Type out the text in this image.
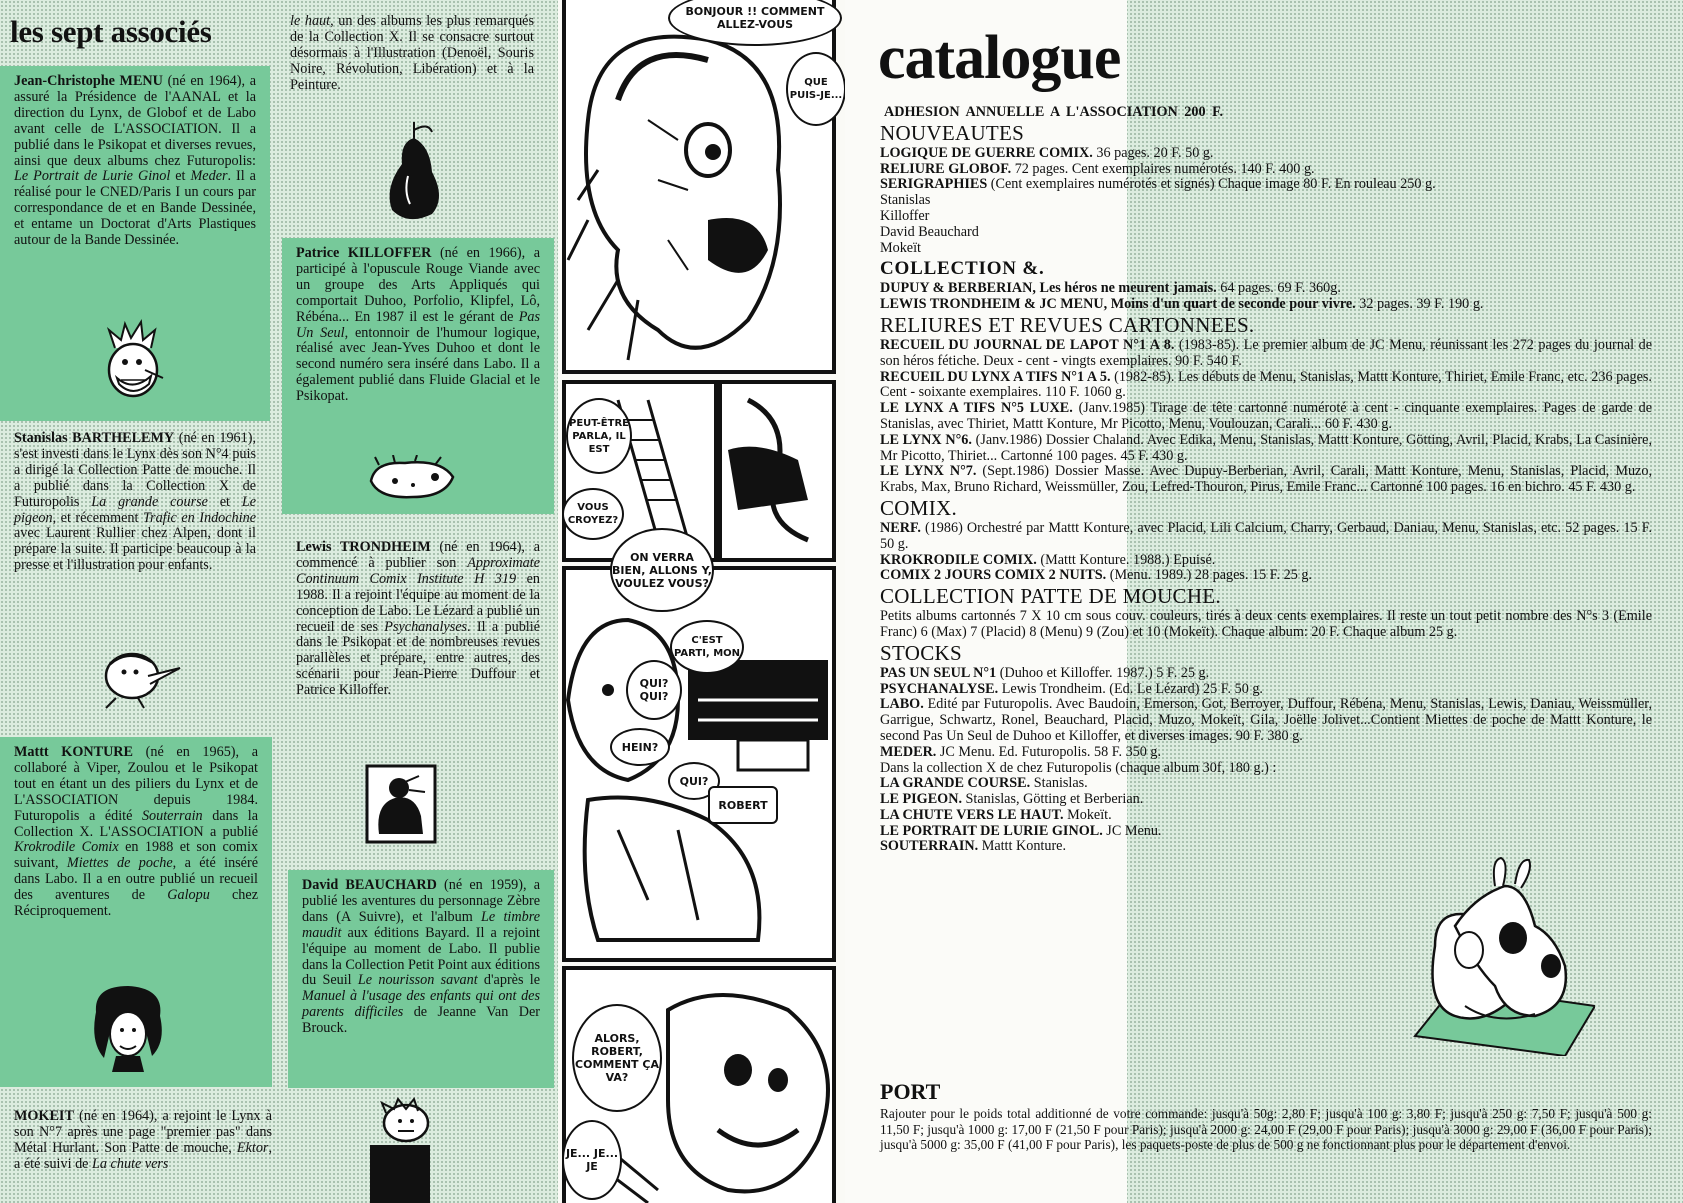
les sept associés

Jean-Christophe MENU (né en 1964), a assuré la Présidence de l'AANAL et la direction du Lynx, de Globof et de Labo avant celle de L'ASSOCIATION. Il a publié dans le Psikopat et diverses revues, ainsi que deux albums chez Futuropolis: Le Portrait de Lurie Ginol et Meder. Il a réalisé pour le CNED/Paris I un cours par correspondance de et en Bande Dessinée, et entame un Doctorat d'Arts Plastiques autour de la Bande Dessinée.

Stanislas BARTHELEMY (né en 1961), s'est investi dans le Lynx dès son N°4 puis a dirigé la Collection Patte de mouche. Il a publié dans la Collection X de Futuropolis La grande course et Le pigeon, et récemment Trafic en Indochine avec Laurent Rullier chez Alpen, dont il prépare la suite. Il participe beaucoup à la presse et l'illustration pour enfants.

Mattt KONTURE (né en 1965), a collaboré à Viper, Zoulou et le Psikopat tout en étant un des piliers du Lynx et de L'ASSOCIATION depuis 1984. Futuropolis a édité Souterrain dans la Collection X. L'ASSOCIATION a publié Krokrodile Comix en 1988 et son comix suivant, Miettes de poche, a été inséré dans Labo. Il a en outre publié un recueil des aventures de Galopu chez Réciproquement.

MOKEIT (né en 1964), a rejoint le Lynx à son N°7 après une page "premier pas" dans Métal Hurlant. Son Patte de mouche, Ektor, a été suivi de La chute vers

le haut, un des albums les plus remarqués de la Collection X. Il se consacre surtout désormais à l'Illustration (Denoël, Souris Noire, Révolution, Libération) et à la Peinture.

Patrice KILLOFFER (né en 1966), a participé à l'opuscule Rouge Viande avec un groupe des Arts Appliqués qui comportait Duhoo, Porfolio, Klipfel, Lô, Rébéna... En 1987 il est le gérant de Pas Un Seul, entonnoir de l'humour logique, réalisé avec Jean-Yves Duhoo et dont le second numéro sera inséré dans Labo. Il a également publié dans Fluide Glacial et le Psikopat.

Lewis TRONDHEIM (né en 1964), a commencé à publier son Approximate Continuum Comix Institute H 319 en 1988. Il a rejoint l'équipe au moment de la conception de Labo. Le Lézard a publié un recueil de ses Psychanalyses. Il a publié dans le Psikopat et de nombreuses revues parallèles et prépare, entre autres, des scénarii pour Jean-Pierre Duffour et Patrice Killoffer.

David BEAUCHARD (né en 1959), a publié les aventures du personnage Zèbre dans (A Suivre), et l'album Le timbre maudit aux éditions Bayard. Il a rejoint l'équipe au moment de Labo. Il publie dans la Collection Petit Point aux éditions du Seuil Le nourisson savant d'après le Manuel à l'usage des enfants qui ont des parents difficiles de Jeanne Van Der Brouck.

BONJOUR !! COMMENT ALLEZ-VOUS
QUE PUIS-JE...
PEUT-ÊTRE PARLA, IL EST
VOUS CROYEZ?
ON VERRA BIEN, ALLONS Y, VOULEZ VOUS?
C'EST PARTI, MON
QUI? QUI?
HEIN?
QUI?
ROBERT
ALORS, ROBERT, COMMENT ÇA VA?
JE... JE... JE
catalogue

ADHESION ANNUELLE A L'ASSOCIATION 200 F.

NOUVEAUTES

LOGIQUE DE GUERRE COMIX. 36 pages. 20 F. 50 g.

RELIURE GLOBOF. 72 pages. Cent exemplaires numérotés. 140 F. 400 g.

SERIGRAPHIES (Cent exemplaires numérotés et signés) Chaque image 80 F. En rouleau 250 g.

Stanislas

Killoffer

David Beauchard

Mokeït

COLLECTION &.

DUPUY & BERBERIAN, Les héros ne meurent jamais. 64 pages. 69 F. 360g.

LEWIS TRONDHEIM & JC MENU, Moins d'un quart de seconde pour vivre. 32 pages. 39 F. 190 g.

RELIURES ET REVUES CARTONNEES.

RECUEIL DU JOURNAL DE LAPOT N°1 A 8. (1983-85). Le premier album de JC Menu, réunissant les 272 pages du journal de son héros fétiche. Deux - cent - vingts exemplaires. 90 F. 540 F.

RECUEIL DU LYNX A TIFS N°1 A 5. (1982-85). Les débuts de Menu, Stanislas, Mattt Konture, Thiriet, Emile Franc, etc. 236 pages. Cent - soixante exemplaires. 110 F. 1060 g.

LE LYNX A TIFS N°5 LUXE. (Janv.1985) Tirage de tête cartonné numéroté à cent - cinquante exemplaires. Pages de garde de Stanislas, avec Thiriet, Mattt Konture, Mr Picotto, Menu, Voulouzan, Carali... 60 F. 430 g.

LE LYNX N°6. (Janv.1986) Dossier Chaland. Avec Edika, Menu, Stanislas, Mattt Konture, Götting, Avril, Placid, Krabs, La Casinière, Mr Picotto, Thiriet... Cartonné 100 pages. 45 F. 430 g.

LE LYNX N°7. (Sept.1986) Dossier Masse. Avec Dupuy-Berberian, Avril, Carali, Mattt Konture, Menu, Stanislas, Placid, Muzo, Krabs, Max, Bruno Richard, Weissmüller, Zou, Lefred-Thouron, Pirus, Emile Franc... Cartonné 100 pages. 16 en bichro. 45 F. 430 g.

COMIX.

NERF. (1986) Orchestré par Mattt Konture, avec Placid, Lili Calcium, Charry, Gerbaud, Daniau, Menu, Stanislas, etc. 52 pages. 15 F. 50 g.

KROKRODILE COMIX. (Mattt Konture. 1988.) Epuisé.

COMIX 2 JOURS COMIX 2 NUITS. (Menu. 1989.) 28 pages. 15 F. 25 g.

COLLECTION PATTE DE MOUCHE.

Petits albums cartonnés 7 X 10 cm sous couv. couleurs, tirés à deux cents exemplaires. Il reste un tout petit nombre des N°s 3 (Emile Franc) 6 (Max) 7 (Placid) 8 (Menu) 9 (Zou) et 10 (Mokeït). Chaque album: 20 F. Chaque album 25 g.

STOCKS

PAS UN SEUL N°1 (Duhoo et Killoffer. 1987.) 5 F. 25 g.

PSYCHANALYSE. Lewis Trondheim. (Ed. Le Lézard) 25 F. 50 g.

LABO. Edité par Futuropolis. Avec Baudoin, Emerson, Got, Berroyer, Duffour, Rébéna, Menu, Stanislas, Lewis, Daniau, Weissmüller, Garrigue, Schwartz, Ronel, Beauchard, Placid, Muzo, Mokeït, Gila, Joëlle Jolivet...Contient Miettes de poche de Mattt Konture, le second Pas Un Seul de Duhoo et Killoffer, et diverses images. 90 F. 380 g.

MEDER. JC Menu. Ed. Futuropolis. 58 F. 350 g.

Dans la collection X de chez Futuropolis (chaque album 30f, 180 g.) :

LA GRANDE COURSE. Stanislas.

LE PIGEON. Stanislas, Götting et Berberian.

LA CHUTE VERS LE HAUT. Mokeït.

LE PORTRAIT DE LURIE GINOL. JC Menu.

SOUTERRAIN. Mattt Konture.

PORT

Rajouter pour le poids total additionné de votre commande: jusqu'à 50g: 2,80 F; jusqu'à 100 g: 3,80 F; jusqu'à 250 g: 7,50 F; jusqu'à 500 g: 11,50 F; jusqu'à 1000 g: 17,00 F (21,50 F pour Paris); jusqu'à 2000 g: 24,00 F (29,00 F pour Paris); jusqu'à 3000 g: 29,00 F (36,00 F pour Paris); jusqu'à 5000 g: 35,00 F (41,00 F pour Paris), les paquets-poste de plus de 500 g ne fonctionnant plus pour le département d'envoi.
